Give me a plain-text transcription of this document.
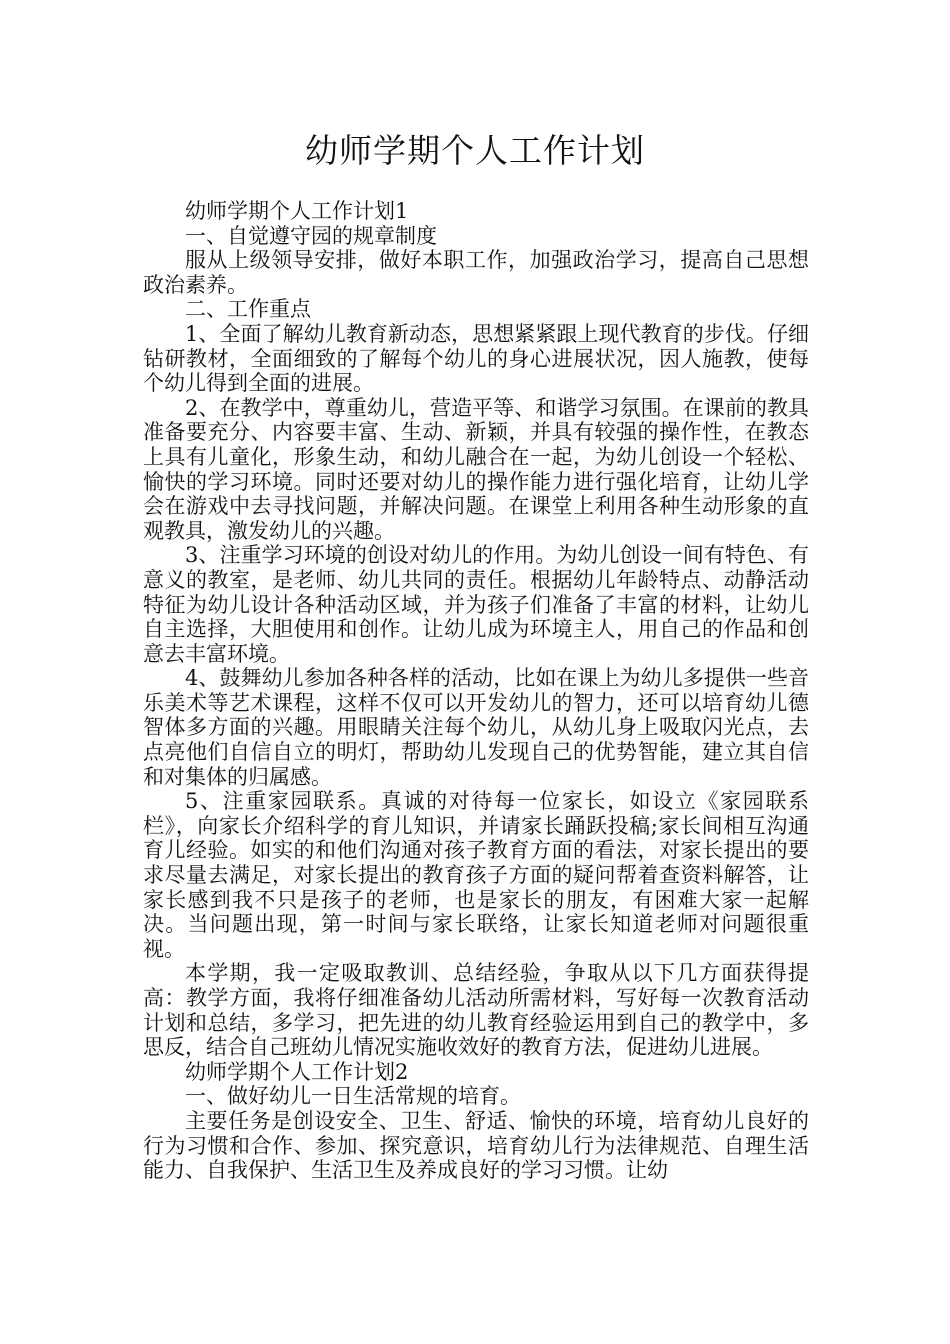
幼师学期个人工作计划

幼师学期个人工作计划1

一、自觉遵守园的规章制度

服从上级领导安排，做好本职工作，加强政治学习，提高自己思想政治素养。

二、工作重点

1、全面了解幼儿教育新动态，思想紧紧跟上现代教育的步伐。仔细钻研教材，全面细致的了解每个幼儿的身心进展状况，因人施教，使每个幼儿得到全面的进展。

2、在教学中，尊重幼儿，营造平等、和谐学习氛围。在课前的教具准备要充分、内容要丰富、生动、新颖，并具有较强的操作性，在教态上具有儿童化，形象生动，和幼儿融合在一起，为幼儿创设一个轻松、愉快的学习环境。同时还要对幼儿的操作能力进行强化培育，让幼儿学会在游戏中去寻找问题，并解决问题。在课堂上利用各种生动形象的直观教具，激发幼儿的兴趣。

3、注重学习环境的创设对幼儿的作用。为幼儿创设一间有特色、有意义的教室，是老师、幼儿共同的责任。根据幼儿年龄特点、动静活动特征为幼儿设计各种活动区域，并为孩子们准备了丰富的材料，让幼儿自主选择，大胆使用和创作。让幼儿成为环境主人，用自己的作品和创意去丰富环境。

4、鼓舞幼儿参加各种各样的活动，比如在课上为幼儿多提供一些音乐美术等艺术课程，这样不仅可以开发幼儿的智力，还可以培育幼儿德智体多方面的兴趣。用眼睛关注每个幼儿，从幼儿身上吸取闪光点，去点亮他们自信自立的明灯，帮助幼儿发现自己的优势智能，建立其自信和对集体的归属感。

5、注重家园联系。真诚的对待每一位家长，如设立《家园联系栏》，向家长介绍科学的育儿知识，并请家长踊跃投稿;家长间相互沟通育儿经验。如实的和他们沟通对孩子教育方面的看法，对家长提出的要求尽量去满足，对家长提出的教育孩子方面的疑问帮着查资料解答，让家长感到我不只是孩子的老师，也是家长的朋友，有困难大家一起解决。当问题出现，第一时间与家长联络，让家长知道老师对问题很重视。

本学期，我一定吸取教训、总结经验，争取从以下几方面获得提高：教学方面，我将仔细准备幼儿活动所需材料，写好每一次教育活动计划和总结，多学习，把先进的幼儿教育经验运用到自己的教学中，多思反，结合自己班幼儿情况实施收效好的教育方法，促进幼儿进展。

幼师学期个人工作计划2

一、做好幼儿一日生活常规的培育。

主要任务是创设安全、卫生、舒适、愉快的环境，培育幼儿良好的行为习惯和合作、参加、探究意识，培育幼儿行为法律规范、自理生活能力、自我保护、生活卫生及养成良好的学习习惯。让幼
